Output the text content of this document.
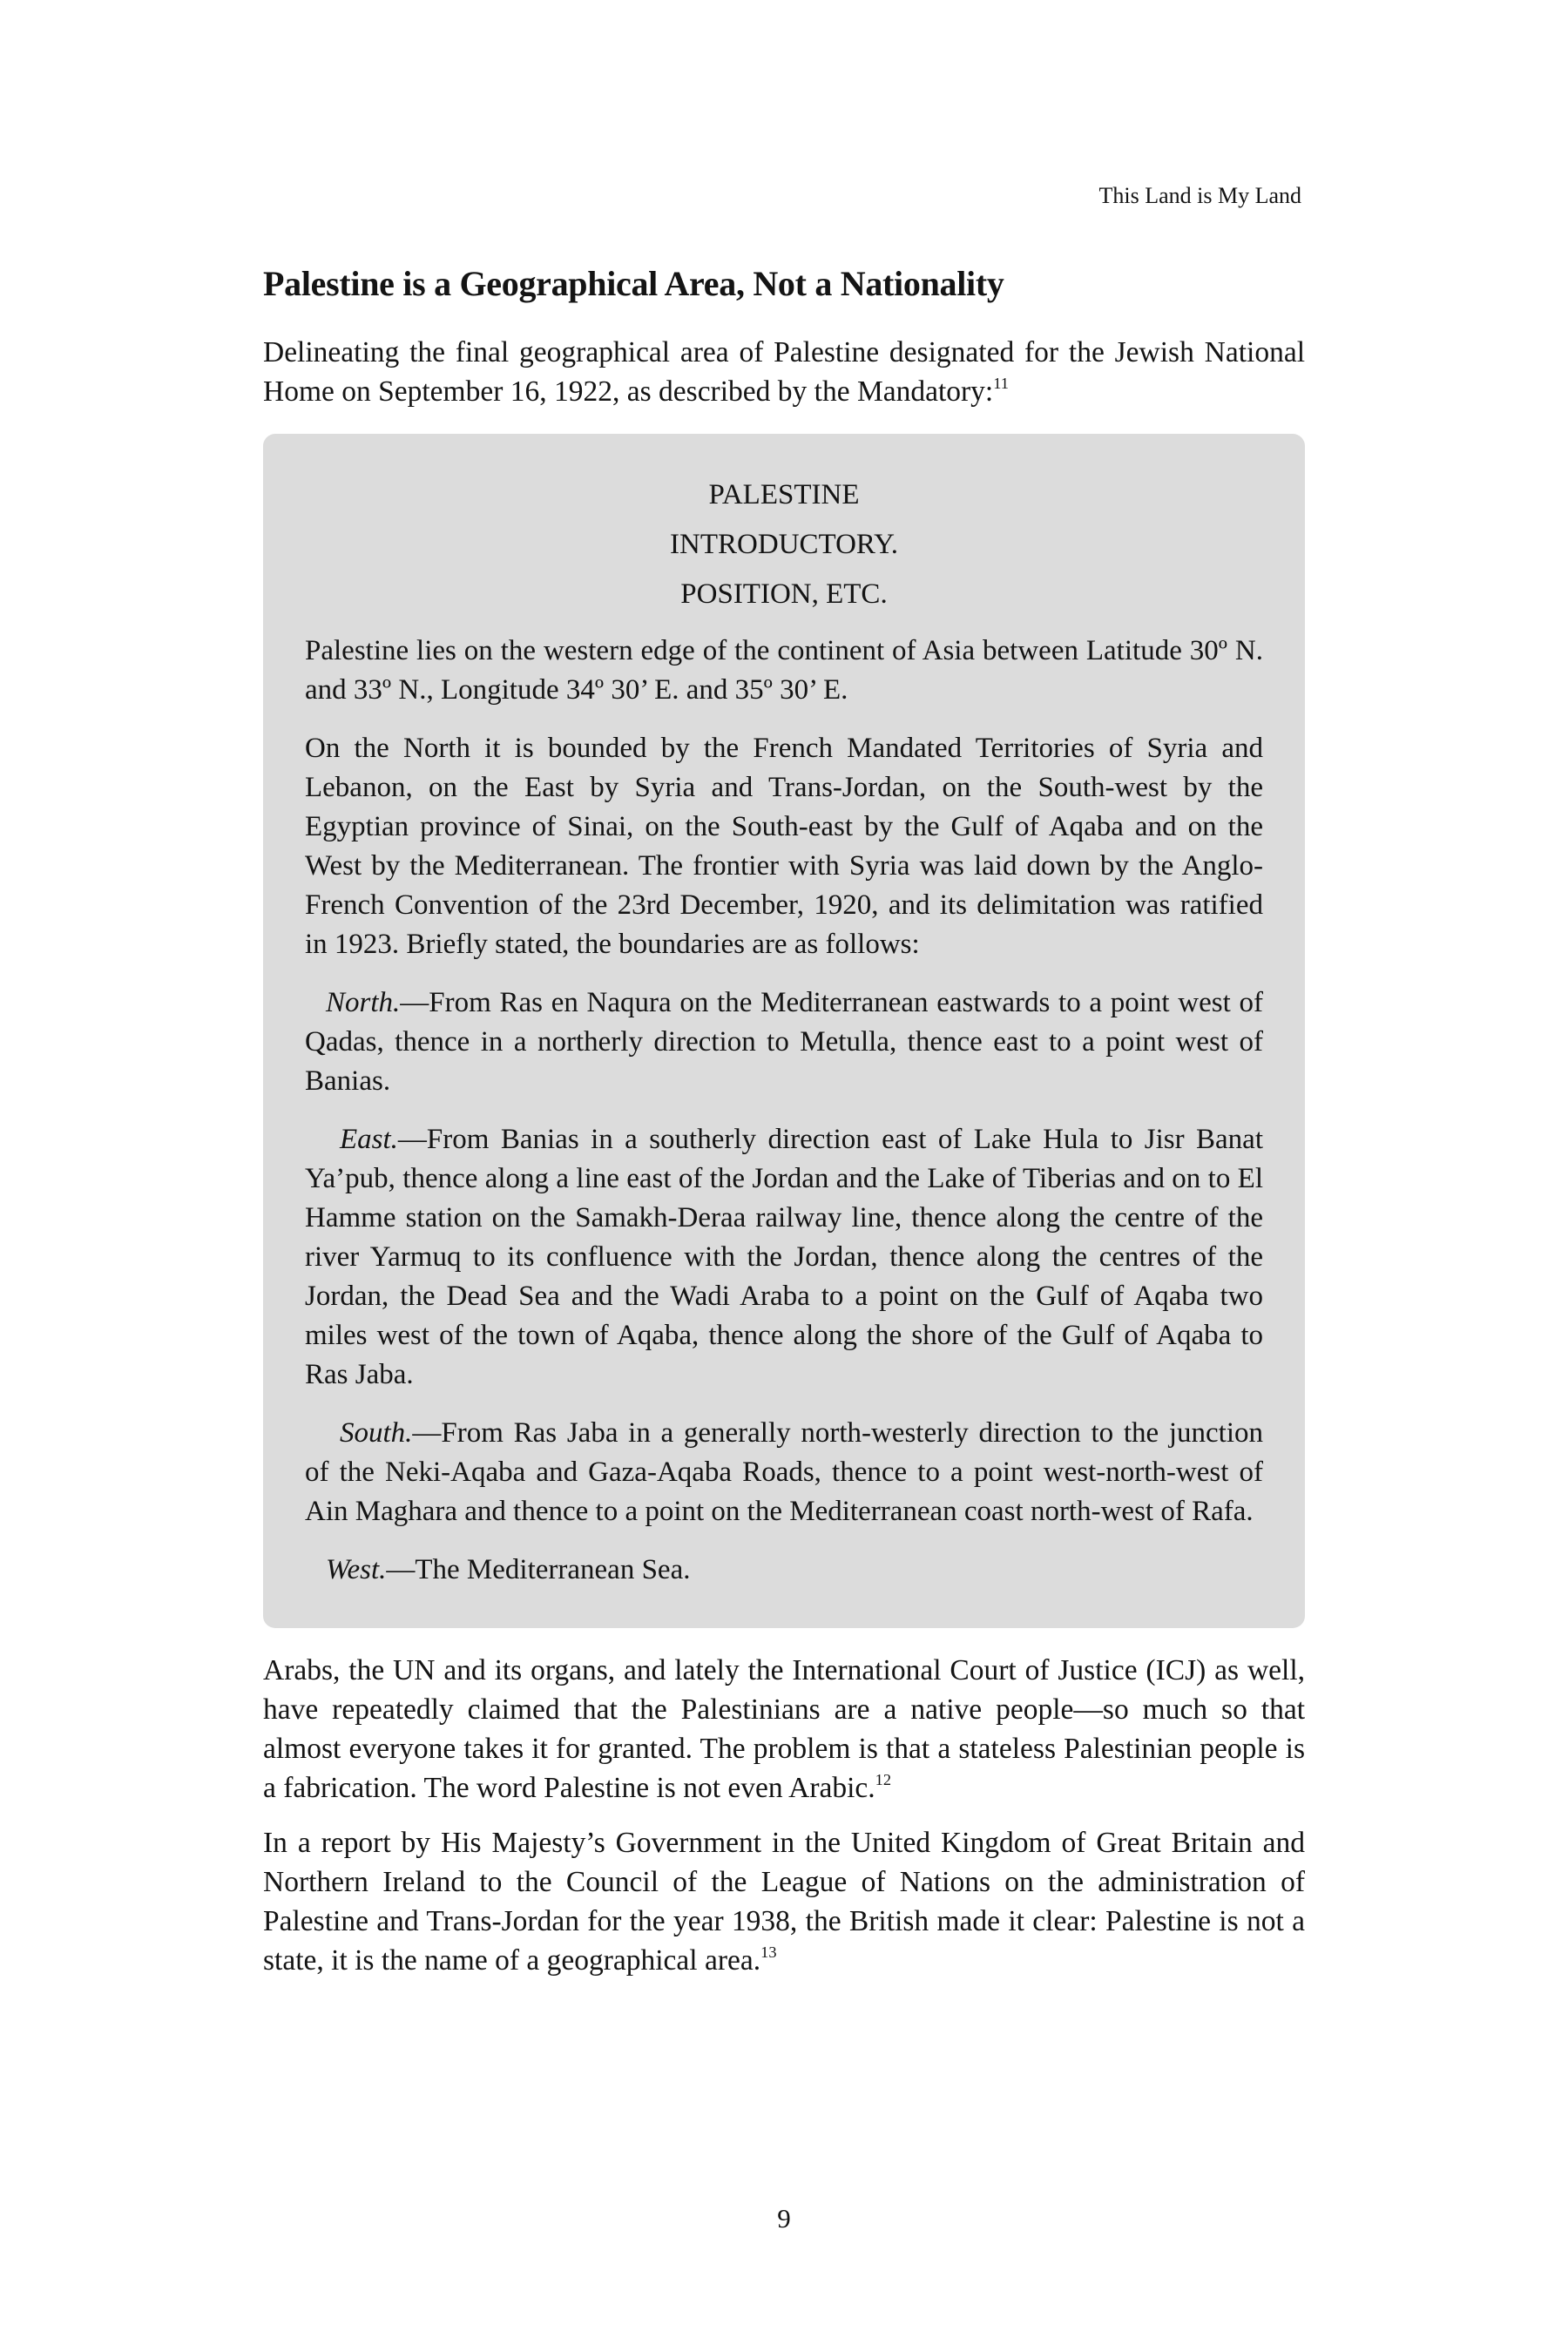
This Land is My Land
Palestine is a Geographical Area, Not a Nationality

Delineating the final geographical area of Palestine designated for the Jewish National Home on September 16, 1922, as described by the Mandatory:$^{11}$

PALESTINE
INTRODUCTORY.
POSITION, ETC.

Palestine lies on the western edge of the continent of Asia between Latitude 30º N. and 33º N., Longitude 34º 30’ E. and 35º 30’ E.

On the North it is bounded by the French Mandated Territories of Syria and Lebanon, on the East by Syria and Trans-Jordan, on the South-west by the Egyptian province of Sinai, on the South-east by the Gulf of Aqaba and on the West by the Mediterranean. The frontier with Syria was laid down by the Anglo-French Convention of the 23rd December, 1920, and its delimitation was ratified in 1923. Briefly stated, the boundaries are as follows:

North.—From Ras en Naqura on the Mediterranean eastwards to a point west of Qadas, thence in a northerly direction to Metulla, thence east to a point west of Banias.

East.—From Banias in a southerly direction east of Lake Hula to Jisr Banat Ya’pub, thence along a line east of the Jordan and the Lake of Tiberias and on to El Hamme station on the Samakh-Deraa railway line, thence along the centre of the river Yarmuq to its confluence with the Jordan, thence along the centres of the Jordan, the Dead Sea and the Wadi Araba to a point on the Gulf of Aqaba two miles west of the town of Aqaba, thence along the shore of the Gulf of Aqaba to Ras Jaba.

South.—From Ras Jaba in a generally north-westerly direction to the junction of the Neki-Aqaba and Gaza-Aqaba Roads, thence to a point west-north-west of Ain Maghara and thence to a point on the Mediterranean coast north-west of Rafa.

West.—The Mediterranean Sea.

Arabs, the UN and its organs, and lately the International Court of Justice (ICJ) as well, have repeatedly claimed that the Palestinians are a native people—so much so that almost everyone takes it for granted. The problem is that a stateless Palestinian people is a fabrication. The word Palestine is not even Arabic.$^{12}$

In a report by His Majesty’s Government in the United Kingdom of Great Britain and Northern Ireland to the Council of the League of Nations on the administration of Palestine and Trans-Jordan for the year 1938, the British made it clear: Palestine is not a state, it is the name of a geographical area.$^{13}$

9
